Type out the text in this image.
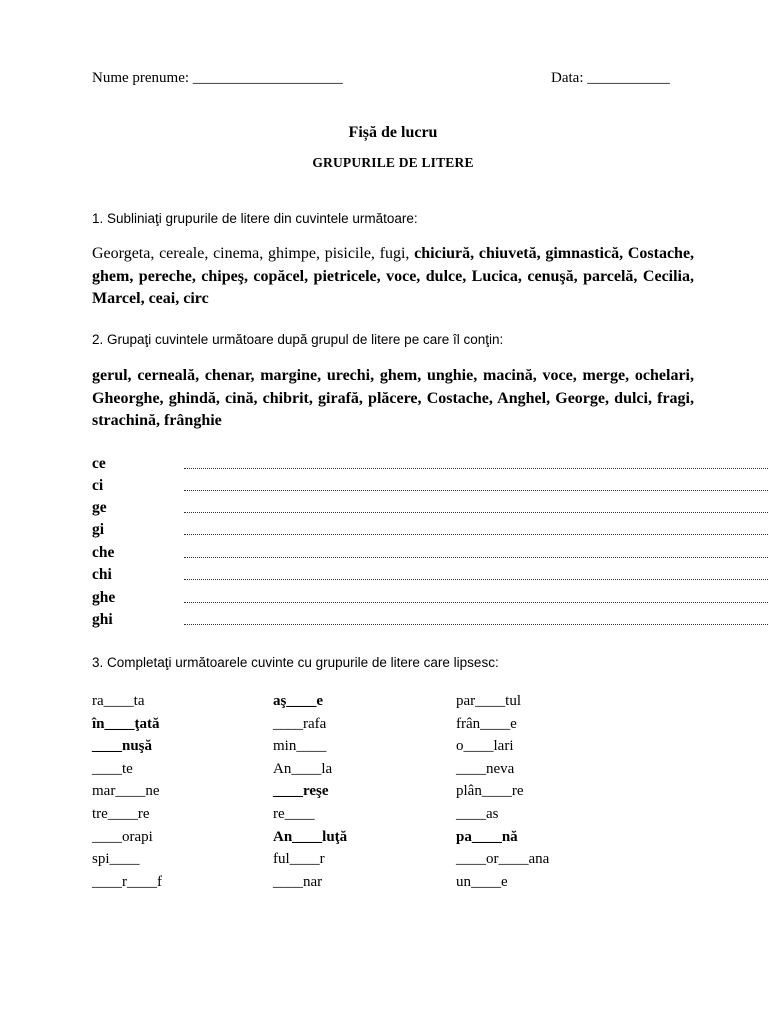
Nume prenume: ____________________	Data: ___________
Fișă de lucru
GRUPURILE DE LITERE
1. Subliniaţi grupurile de litere din cuvintele următoare:
Georgeta, cereale, cinema, ghimpe, pisicile, fugi, chiciură, chiuvetă, gimnastică, Costache, ghem, pereche, chipeş, copăcel, pietricele, voce, dulce, Lucica, cenuşă, parcelă, Cecilia, Marcel, ceai, circ
2. Grupaţi cuvintele următoare după grupul de litere pe care îl conţin:
gerul, cerneală, chenar, margine, urechi, ghem, unghie, macină, voce, merge, ochelari, Gheorghe, ghindă, cină, chibrit, girafă, plăcere, Costache, Anghel, George, dulci, fragi, strachină, frânghie
ce
ci
ge
gi
che
chi
ghe
ghi
3. Completaţi următoarele cuvinte cu grupurile de litere care lipsesc:
ra____ta
în____ţată
____nuşă
____te
mar____ne
tre____re
____orapi
spi____
____r____f
aş____e
____rafa
min____
An____la
____reşe
re____
An____luţă
ful____r
____nar
par____tul
frân____e
o____lari
____neva
plân____re
____as
pa____nă
____or____ana
un____e
